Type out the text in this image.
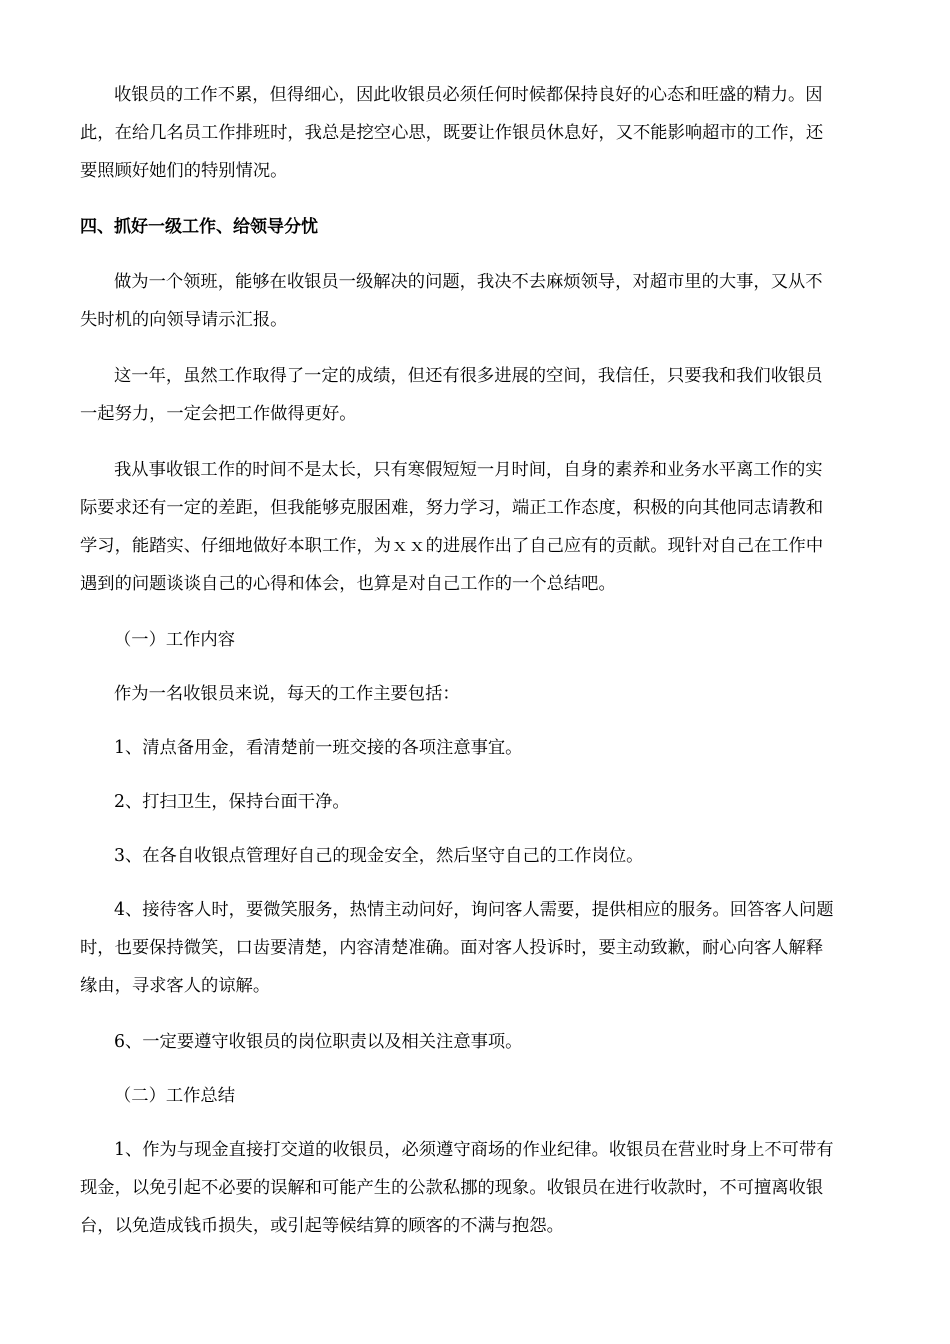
收银员的工作不累，但得细心，因此收银员必须任何时候都保持良好的心态和旺盛的精力。因
此，在给几名员工作排班时，我总是挖空心思，既要让作银员休息好，又不能影响超市的工作，还
要照顾好她们的特别情况。
四、抓好一级工作、给领导分忧
做为一个领班，能够在收银员一级解决的问题，我决不去麻烦领导，对超市里的大事，又从不
失时机的向领导请示汇报。
这一年，虽然工作取得了一定的成绩，但还有很多进展的空间，我信任，只要我和我们收银员
一起努力，一定会把工作做得更好。
我从事收银工作的时间不是太长，只有寒假短短一月时间，自身的素养和业务水平离工作的实
际要求还有一定的差距，但我能够克服困难，努力学习，端正工作态度，积极的向其他同志请教和
学习，能踏实、仔细地做好本职工作，为ｘｘ的进展作出了自己应有的贡献。现针对自己在工作中
遇到的问题谈谈自己的心得和体会，也算是对自己工作的一个总结吧。
（一）工作内容
作为一名收银员来说，每天的工作主要包括：
1、清点备用金，看清楚前一班交接的各项注意事宜。
2、打扫卫生，保持台面干净。
3、在各自收银点管理好自己的现金安全，然后坚守自己的工作岗位。
4、接待客人时，要微笑服务，热情主动问好，询问客人需要，提供相应的服务。回答客人问题
时，也要保持微笑，口齿要清楚，内容清楚准确。面对客人投诉时，要主动致歉，耐心向客人解释
缘由，寻求客人的谅解。
6、一定要遵守收银员的岗位职责以及相关注意事项。
（二）工作总结
1、作为与现金直接打交道的收银员，必须遵守商场的作业纪律。收银员在营业时身上不可带有
现金，以免引起不必要的误解和可能产生的公款私挪的现象。收银员在进行收款时，不可擅离收银
台，以免造成钱币损失，或引起等候结算的顾客的不满与抱怨。
